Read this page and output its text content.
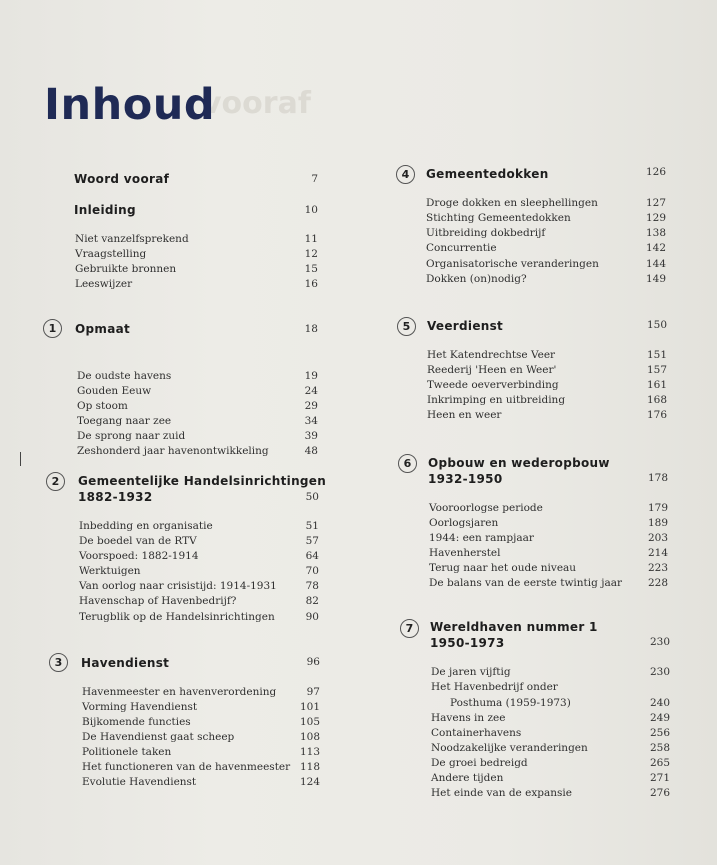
vooraf
Inhoud
Woord vooraf	7
Inleiding	10
Niet vanzelfsprekend	11
Vraagstelling	12
Gebruikte bronnen	15
Leeswijzer	16
1	Opmaat	18
De oudste havens	19
Gouden Eeuw	24
Op stoom	29
Toegang naar zee	34
De sprong naar zuid	39
Zeshonderd jaar havenontwikkeling	48
2	Gemeentelijke Handelsinrichtingen
1882-1932	50
Inbedding en organisatie	51
De boedel van de RTV	57
Voorspoed: 1882-1914	64
Werktuigen	70
Van oorlog naar crisistijd: 1914-1931	78
Havenschap of Havenbedrijf?	82
Terugblik op de Handelsinrichtingen	90
3	Havendienst	96
Havenmeester en havenverordening	97
Vorming Havendienst	101
Bijkomende functies	105
De Havendienst gaat scheep	108
Politionele taken	113
Het functioneren van de havenmeester 118
Evolutie Havendienst	124
4	Gemeentedokken	126
Droge dokken en sleephellingen	127
Stichting Gemeentedokken	129
Uitbreiding dokbedrijf	138
Concurrentie	142
Organisatorische veranderingen	144
Dokken (on)nodig?	149
5	Veerdienst	150
Het Katendrechtse Veer	151
Reederij 'Heen en Weer'	157
Tweede oeververbinding	161
Inkrimping en uitbreiding	168
Heen en weer	176
6	Opbouw en wederopbouw
1932-1950	178
Vooroorlogse periode	179
Oorlogsjaren	189
1944: een rampjaar	203
Havenherstel	214
Terug naar het oude niveau	223
De balans van de eerste twintig jaar	228
7	Wereldhaven nummer 1
1950-1973	230
De jaren vijftig	230
Het Havenbedrijf onder
Posthuma (1959-1973)	240
Havens in zee	249
Containerhavens	256
Noodzakelijke veranderingen	258
De groei bedreigd	265
Andere tijden	271
Het einde van de expansie	276
